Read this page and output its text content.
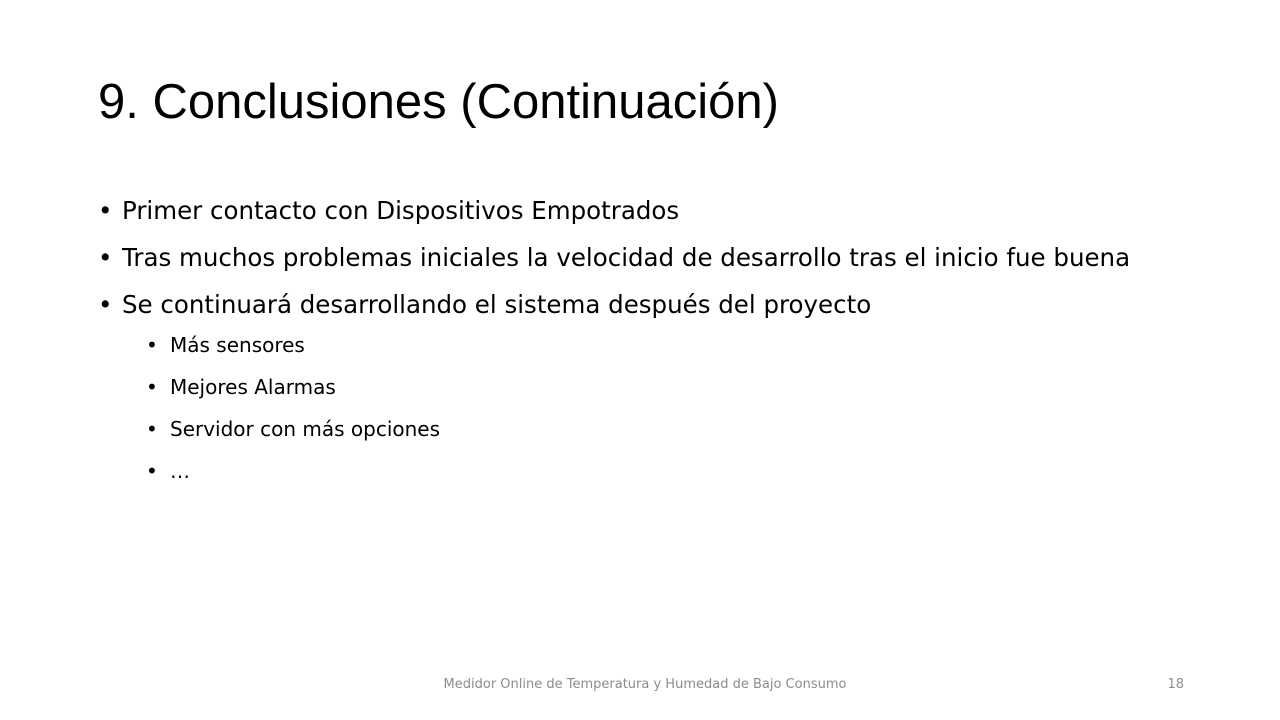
9. Conclusiones (Continuación)

• Primer contacto con Dispositivos Empotrados

• Tras muchos problemas iniciales la velocidad de desarrollo tras el inicio fue buena

• Se continuará desarrollando el sistema después del proyecto

• Más sensores

• Mejores Alarmas

• Servidor con más opciones

• …

Medidor Online de Temperatura y Humedad de Bajo Consumo	18
